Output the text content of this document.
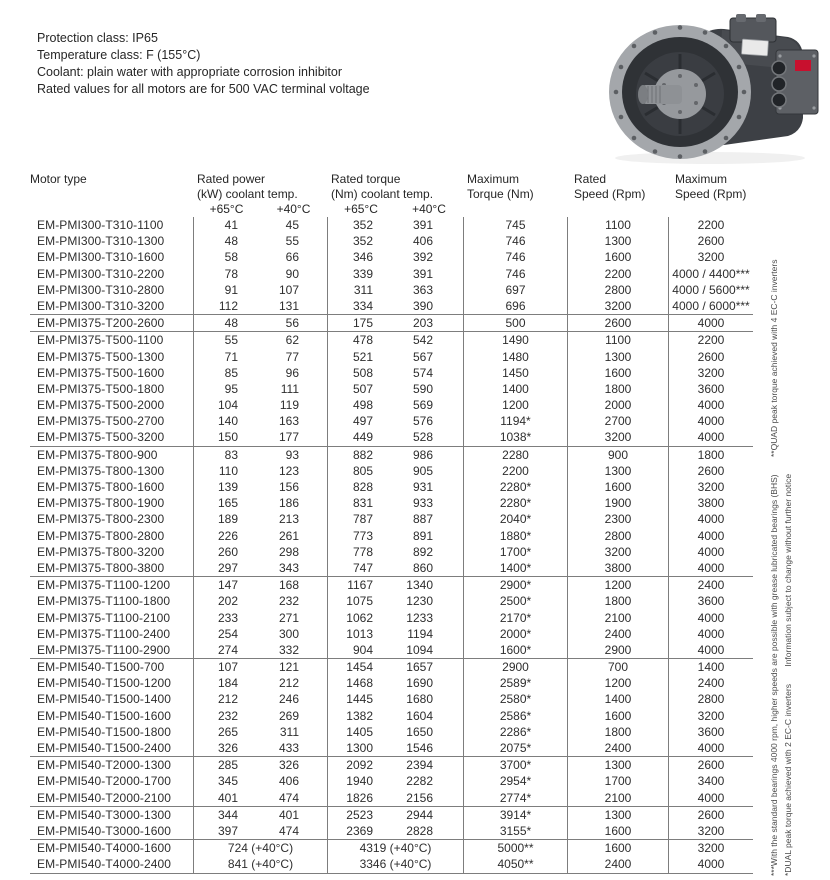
Protection class: IP65
Temperature class: F (155°C)
Coolant: plain water with appropriate corrosion inhibitor
Rated values for all motors are for 500 VAC terminal voltage
Motor type	Rated power	Rated torque	Maximum	Rated	Maximum
(kW) coolant temp.	(Nm) coolant temp.	Torque (Nm)	Speed (Rpm)	Speed (Rpm)
+65°C	+40°C	+65°C	+40°C
EM-PMI300-T310-1100	41	45	352	391	745	1100	2200
EM-PMI300-T310-1300	48	55	352	406	746	1300	2600
EM-PMI300-T310-1600	58	66	346	392	746	1600	3200
EM-PMI300-T310-2200	78	90	339	391	746	2200	4000 / 4400***
EM-PMI300-T310-2800	91	107	311	363	697	2800	4000 / 5600***
EM-PMI300-T310-3200	112	131	334	390	696	3200	4000 / 6000***
EM-PMI375-T200-2600	48	56	175	203	500	2600	4000
EM-PMI375-T500-1100	55	62	478	542	1490	1100	2200
EM-PMI375-T500-1300	71	77	521	567	1480	1300	2600
EM-PMI375-T500-1600	85	96	508	574	1450	1600	3200
EM-PMI375-T500-1800	95	111	507	590	1400	1800	3600
EM-PMI375-T500-2000	104	119	498	569	1200	2000	4000
EM-PMI375-T500-2700	140	163	497	576	1194*	2700	4000
EM-PMI375-T500-3200	150	177	449	528	1038*	3200	4000
EM-PMI375-T800-900	83	93	882	986	2280	900	1800
EM-PMI375-T800-1300	110	123	805	905	2200	1300	2600
EM-PMI375-T800-1600	139	156	828	931	2280*	1600	3200
EM-PMI375-T800-1900	165	186	831	933	2280*	1900	3800
EM-PMI375-T800-2300	189	213	787	887	2040*	2300	4000
EM-PMI375-T800-2800	226	261	773	891	1880*	2800	4000
EM-PMI375-T800-3200	260	298	778	892	1700*	3200	4000
EM-PMI375-T800-3800	297	343	747	860	1400*	3800	4000
EM-PMI375-T1100-1200	147	168	1167	1340	2900*	1200	2400
EM-PMI375-T1100-1800	202	232	1075	1230	2500*	1800	3600
EM-PMI375-T1100-2100	233	271	1062	1233	2170*	2100	4000
EM-PMI375-T1100-2400	254	300	1013	1194	2000*	2400	4000
EM-PMI375-T1100-2900	274	332	904	1094	1600*	2900	4000
EM-PMI540-T1500-700	107	121	1454	1657	2900	700	1400
EM-PMI540-T1500-1200	184	212	1468	1690	2589*	1200	2400
EM-PMI540-T1500-1400	212	246	1445	1680	2580*	1400	2800
EM-PMI540-T1500-1600	232	269	1382	1604	2586*	1600	3200
EM-PMI540-T1500-1800	265	311	1405	1650	2286*	1800	3600
EM-PMI540-T1500-2400	326	433	1300	1546	2075*	2400	4000
EM-PMI540-T2000-1300	285	326	2092	2394	3700*	1300	2600
EM-PMI540-T2000-1700	345	406	1940	2282	2954*	1700	3400
EM-PMI540-T2000-2100	401	474	1826	2156	2774*	2100	4000
EM-PMI540-T3000-1300	344	401	2523	2944	3914*	1300	2600
EM-PMI540-T3000-1600	397	474	2369	2828	3155*	1600	3200
EM-PMI540-T4000-1600	724 (+40°C)	4319 (+40°C)	5000**	1600	3200
EM-PMI540-T4000-2400	841 (+40°C)	3346 (+40°C)	4050**	2400	4000	***With the standard bearings 4000 rpm, higher speeds are possible with grease lubricated bearings (BHS) **QUAD peak torque achieved with 4 EC-C inverters
*DUAL peak torque achieved with 2 EC-C inverters Information subject to change without further notice
